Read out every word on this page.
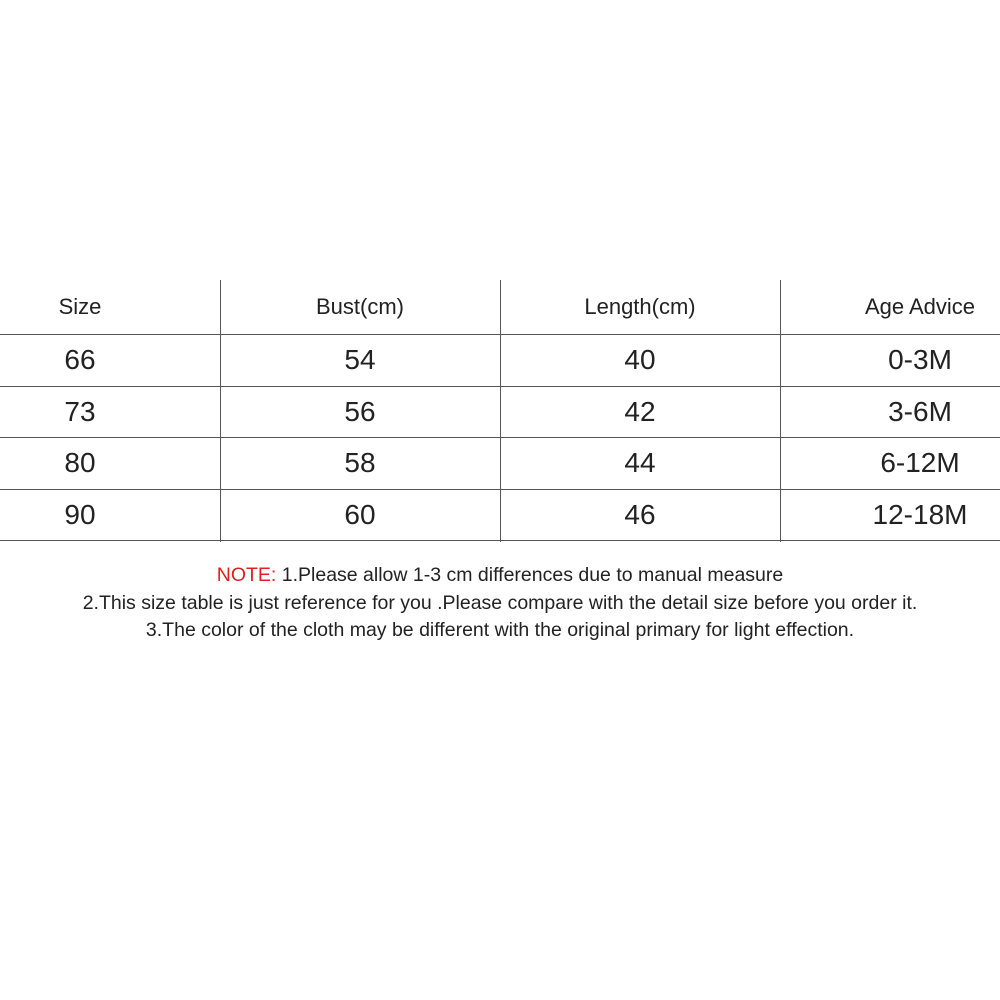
Size	Bust(cm)	Length(cm)	Age Advice
66	54	40	0-3M
73	56	42	3-6M
80	58	44	6-12M
90	60	46	12-18M
NOTE: 1.Please allow 1-3 cm differences due to manual measure
2.This size table is just reference for you .Please compare with the detail size before you order it.
3.The color of the cloth may be different with the original primary for light effection.
